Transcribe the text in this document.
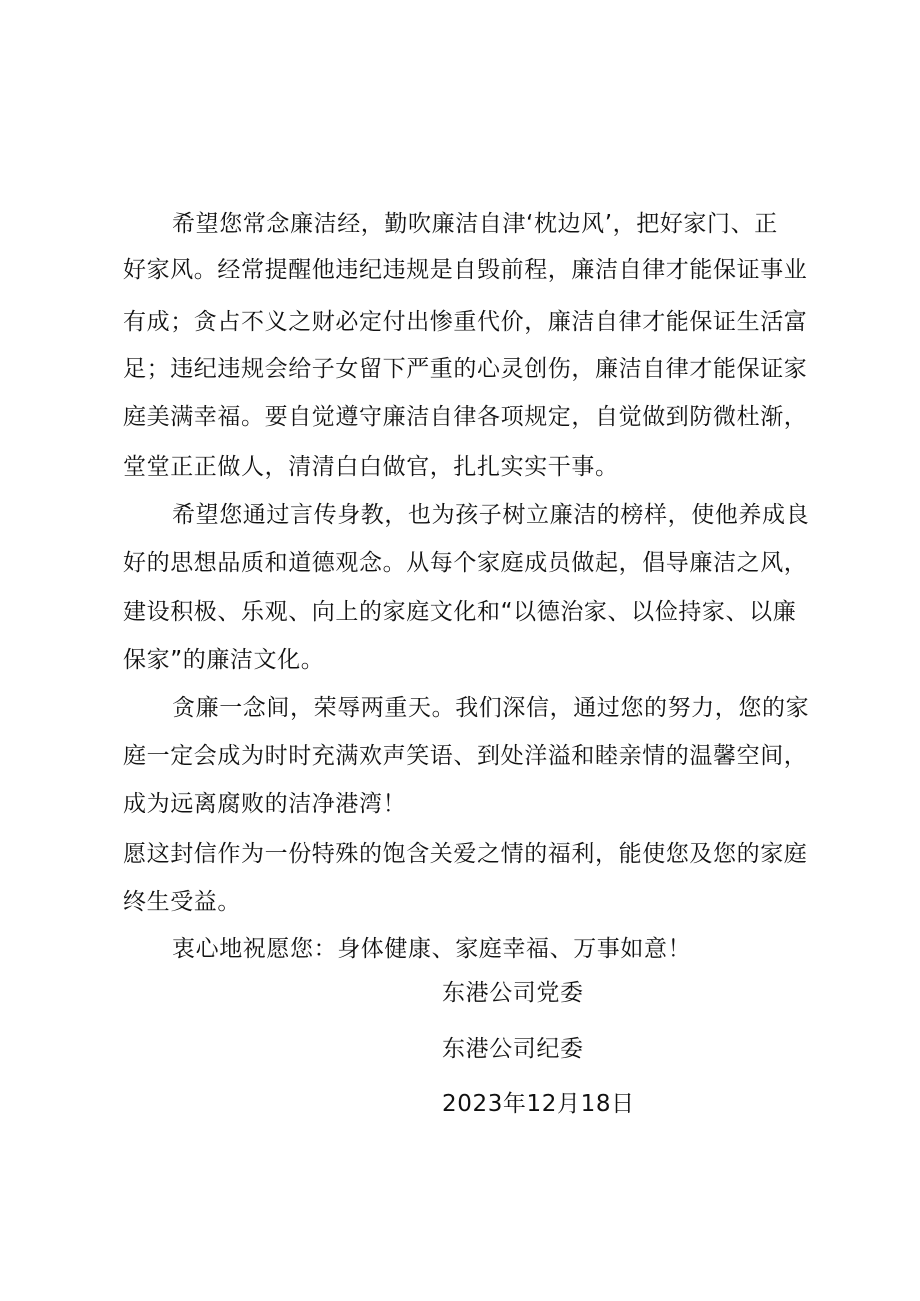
希望您常念廉洁经，勤吹廉洁自津‘枕边风’，把好家门、正
好家风。经常提醒他违纪违规是自毁前程，廉洁自律才能保证事业
有成；贪占不义之财必定付出惨重代价，廉洁自律才能保证生活富
足；违纪违规会给子女留下严重的心灵创伤，廉洁自律才能保证家
庭美满幸福。要自觉遵守廉洁自律各项规定，自觉做到防微杜渐，
堂堂正正做人，清清白白做官，扎扎实实干事。
希望您通过言传身教，也为孩子树立廉洁的榜样，使他养成良
好的思想品质和道德观念。从每个家庭成员做起，倡导廉洁之风，
建设积极、乐观、向上的家庭文化和“以德治家、以俭持家、以廉
保家”的廉洁文化。
贪廉一念间，荣辱两重天。我们深信，通过您的努力，您的家
庭一定会成为时时充满欢声笑语、到处洋溢和睦亲情的温馨空间，
成为远离腐败的洁净港湾！
愿这封信作为一份特殊的饱含关爱之情的福利，能使您及您的家庭
终生受益。
衷心地祝愿您：身体健康、家庭幸福、万事如意！
东港公司党委
东港公司纪委
2023年12月18日
